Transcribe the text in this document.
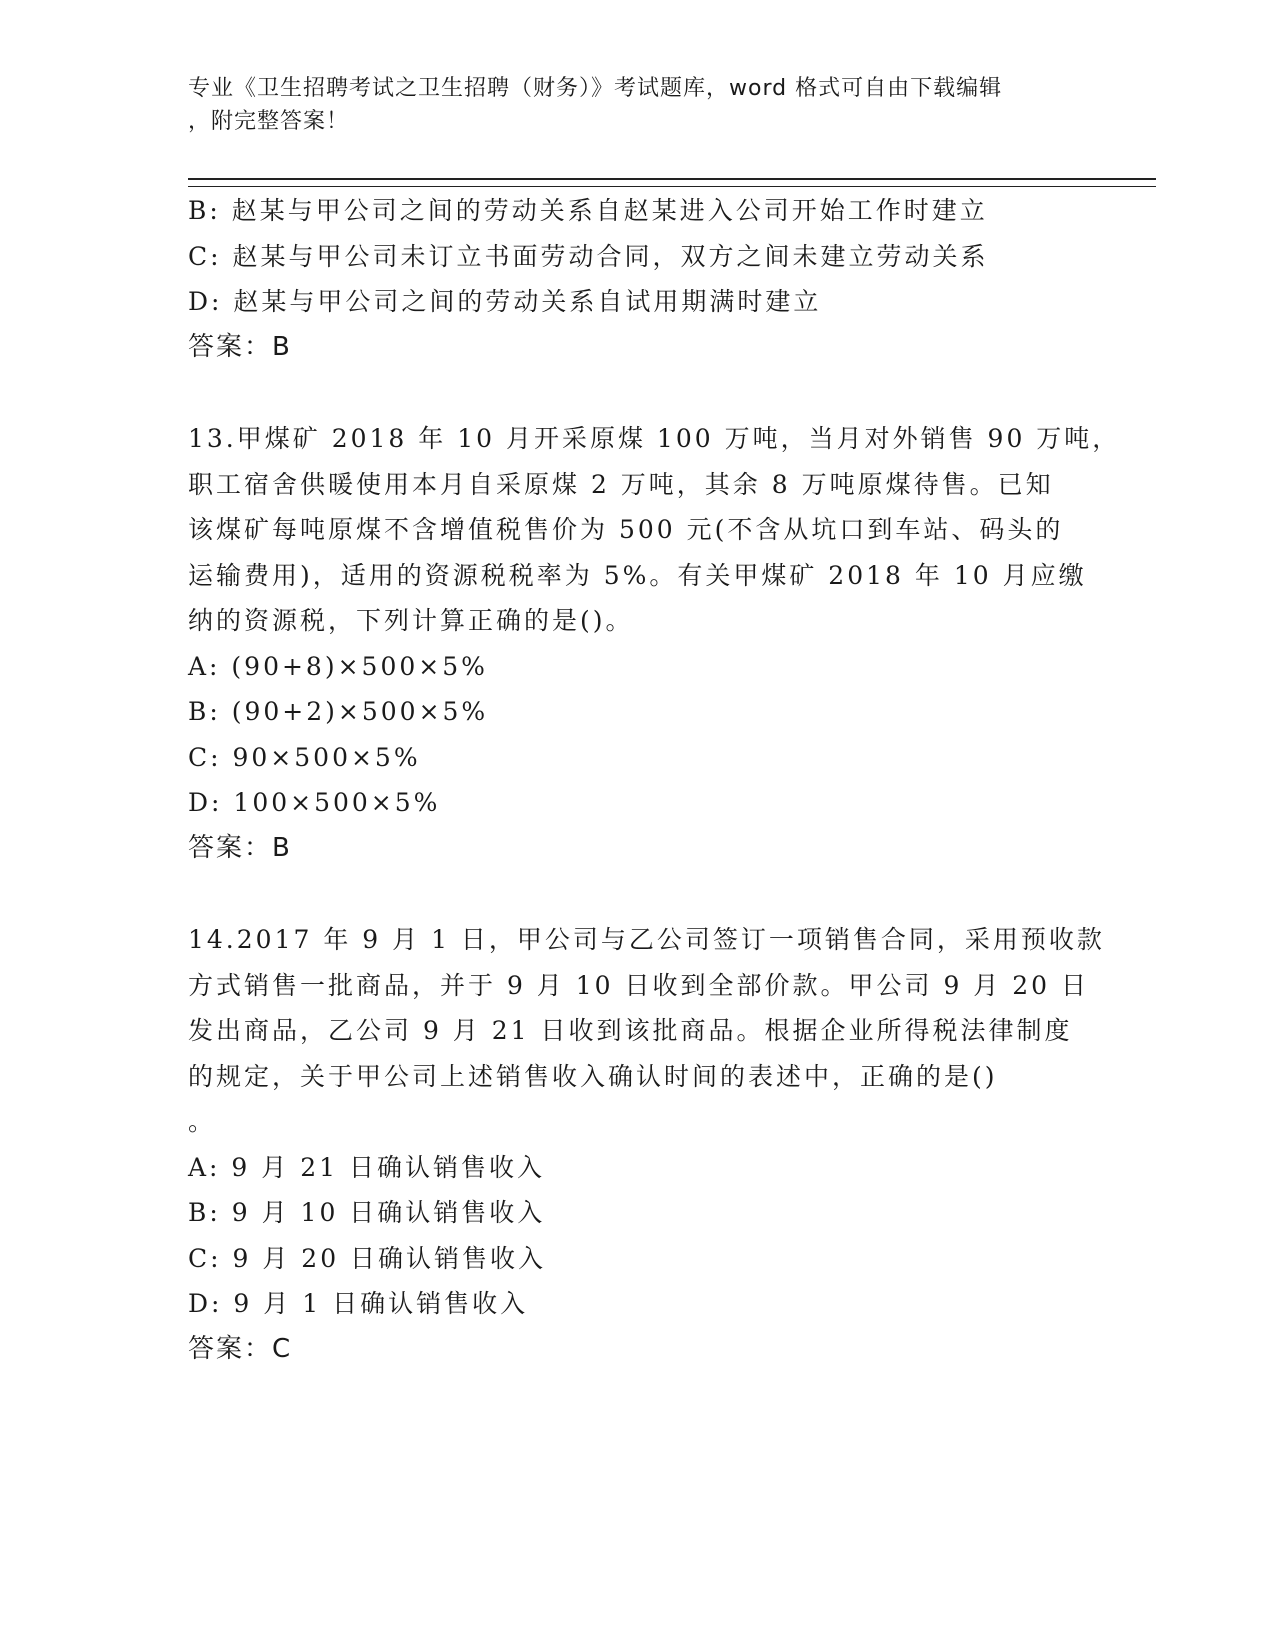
专业《卫生招聘考试之卫生招聘（财务）》考试题库，word 格式可自由下载编辑
，附完整答案！
B: 赵某与甲公司之间的劳动关系自赵某进入公司开始工作时建立
C: 赵某与甲公司未订立书面劳动合同，双方之间未建立劳动关系
D: 赵某与甲公司之间的劳动关系自试用期满时建立
答案：B
13.甲煤矿 2018 年 10 月开采原煤 100 万吨，当月对外销售 90 万吨，
职工宿舍供暖使用本月自采原煤 2 万吨，其余 8 万吨原煤待售。已知
该煤矿每吨原煤不含增值税售价为 500 元(不含从坑口到车站、码头的
运输费用)，适用的资源税税率为 5%。有关甲煤矿 2018 年 10 月应缴
纳的资源税，下列计算正确的是()。
A: (90+8)×500×5%
B: (90+2)×500×5%
C: 90×500×5%
D: 100×500×5%
答案：B
14.2017 年 9 月 1 日，甲公司与乙公司签订一项销售合同，采用预收款
方式销售一批商品，并于 9 月 10 日收到全部价款。甲公司 9 月 20 日
发出商品，乙公司 9 月 21 日收到该批商品。根据企业所得税法律制度
的规定，关于甲公司上述销售收入确认时间的表述中，正确的是()
。
A: 9 月 21 日确认销售收入
B: 9 月 10 日确认销售收入
C: 9 月 20 日确认销售收入
D: 9 月 1 日确认销售收入
答案：C
